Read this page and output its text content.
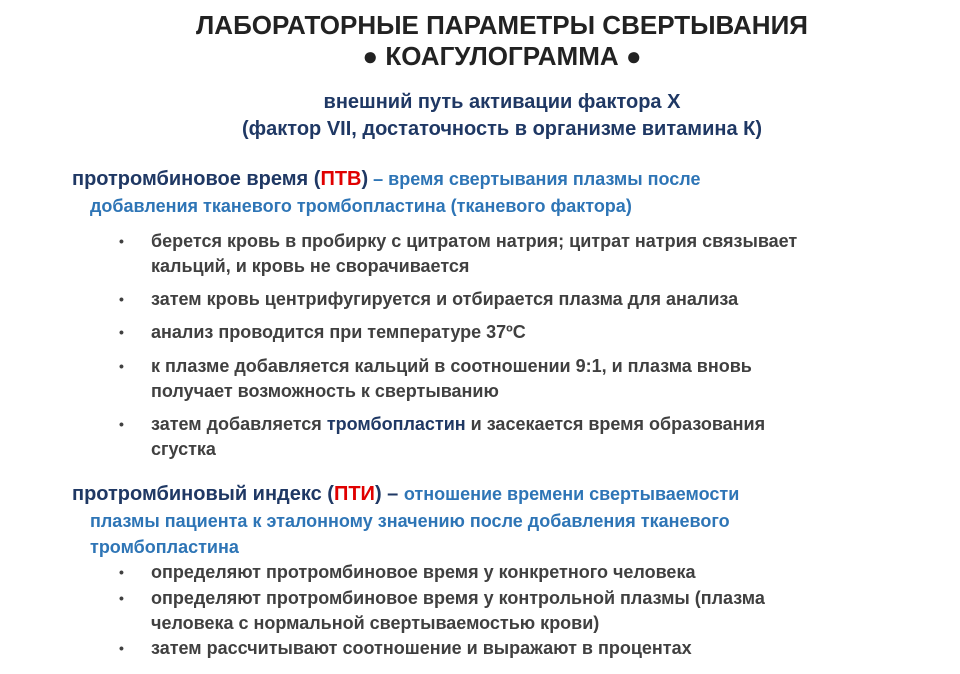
ЛАБОРАТОРНЫЕ ПАРАМЕТРЫ СВЕРТЫВАНИЯ
● КОАГУЛОГРАММА ●
внешний путь активации фактора Х
(фактор VII, достаточность в организме витамина К)
протромбиновое время (ПТВ) – время свертывания плазмы после
добавления тканевого тромбопластина (тканевого фактора)
• берется кровь в пробирку с цитратом натрия; цитрат натрия связывает
кальций, и кровь не сворачивается
• затем кровь центрифугируется и отбирается плазма для анализа
• анализ проводится при температуре 37ºС
• к плазме добавляется кальций в соотношении 9:1, и плазма вновь
получает возможность к свертыванию
• затем добавляется тромбопластин и засекается время образования
сгустка
протромбиновый индекс (ПТИ) – отношение времени свертываемости
плазмы пациента к эталонному значению после добавления тканевого
тромбопластина
• определяют протромбиновое время у конкретного человека
• определяют протромбиновое время у контрольной плазмы (плазма
человека с нормальной свертываемостью крови)
• затем рассчитывают соотношение и выражают в процентах
